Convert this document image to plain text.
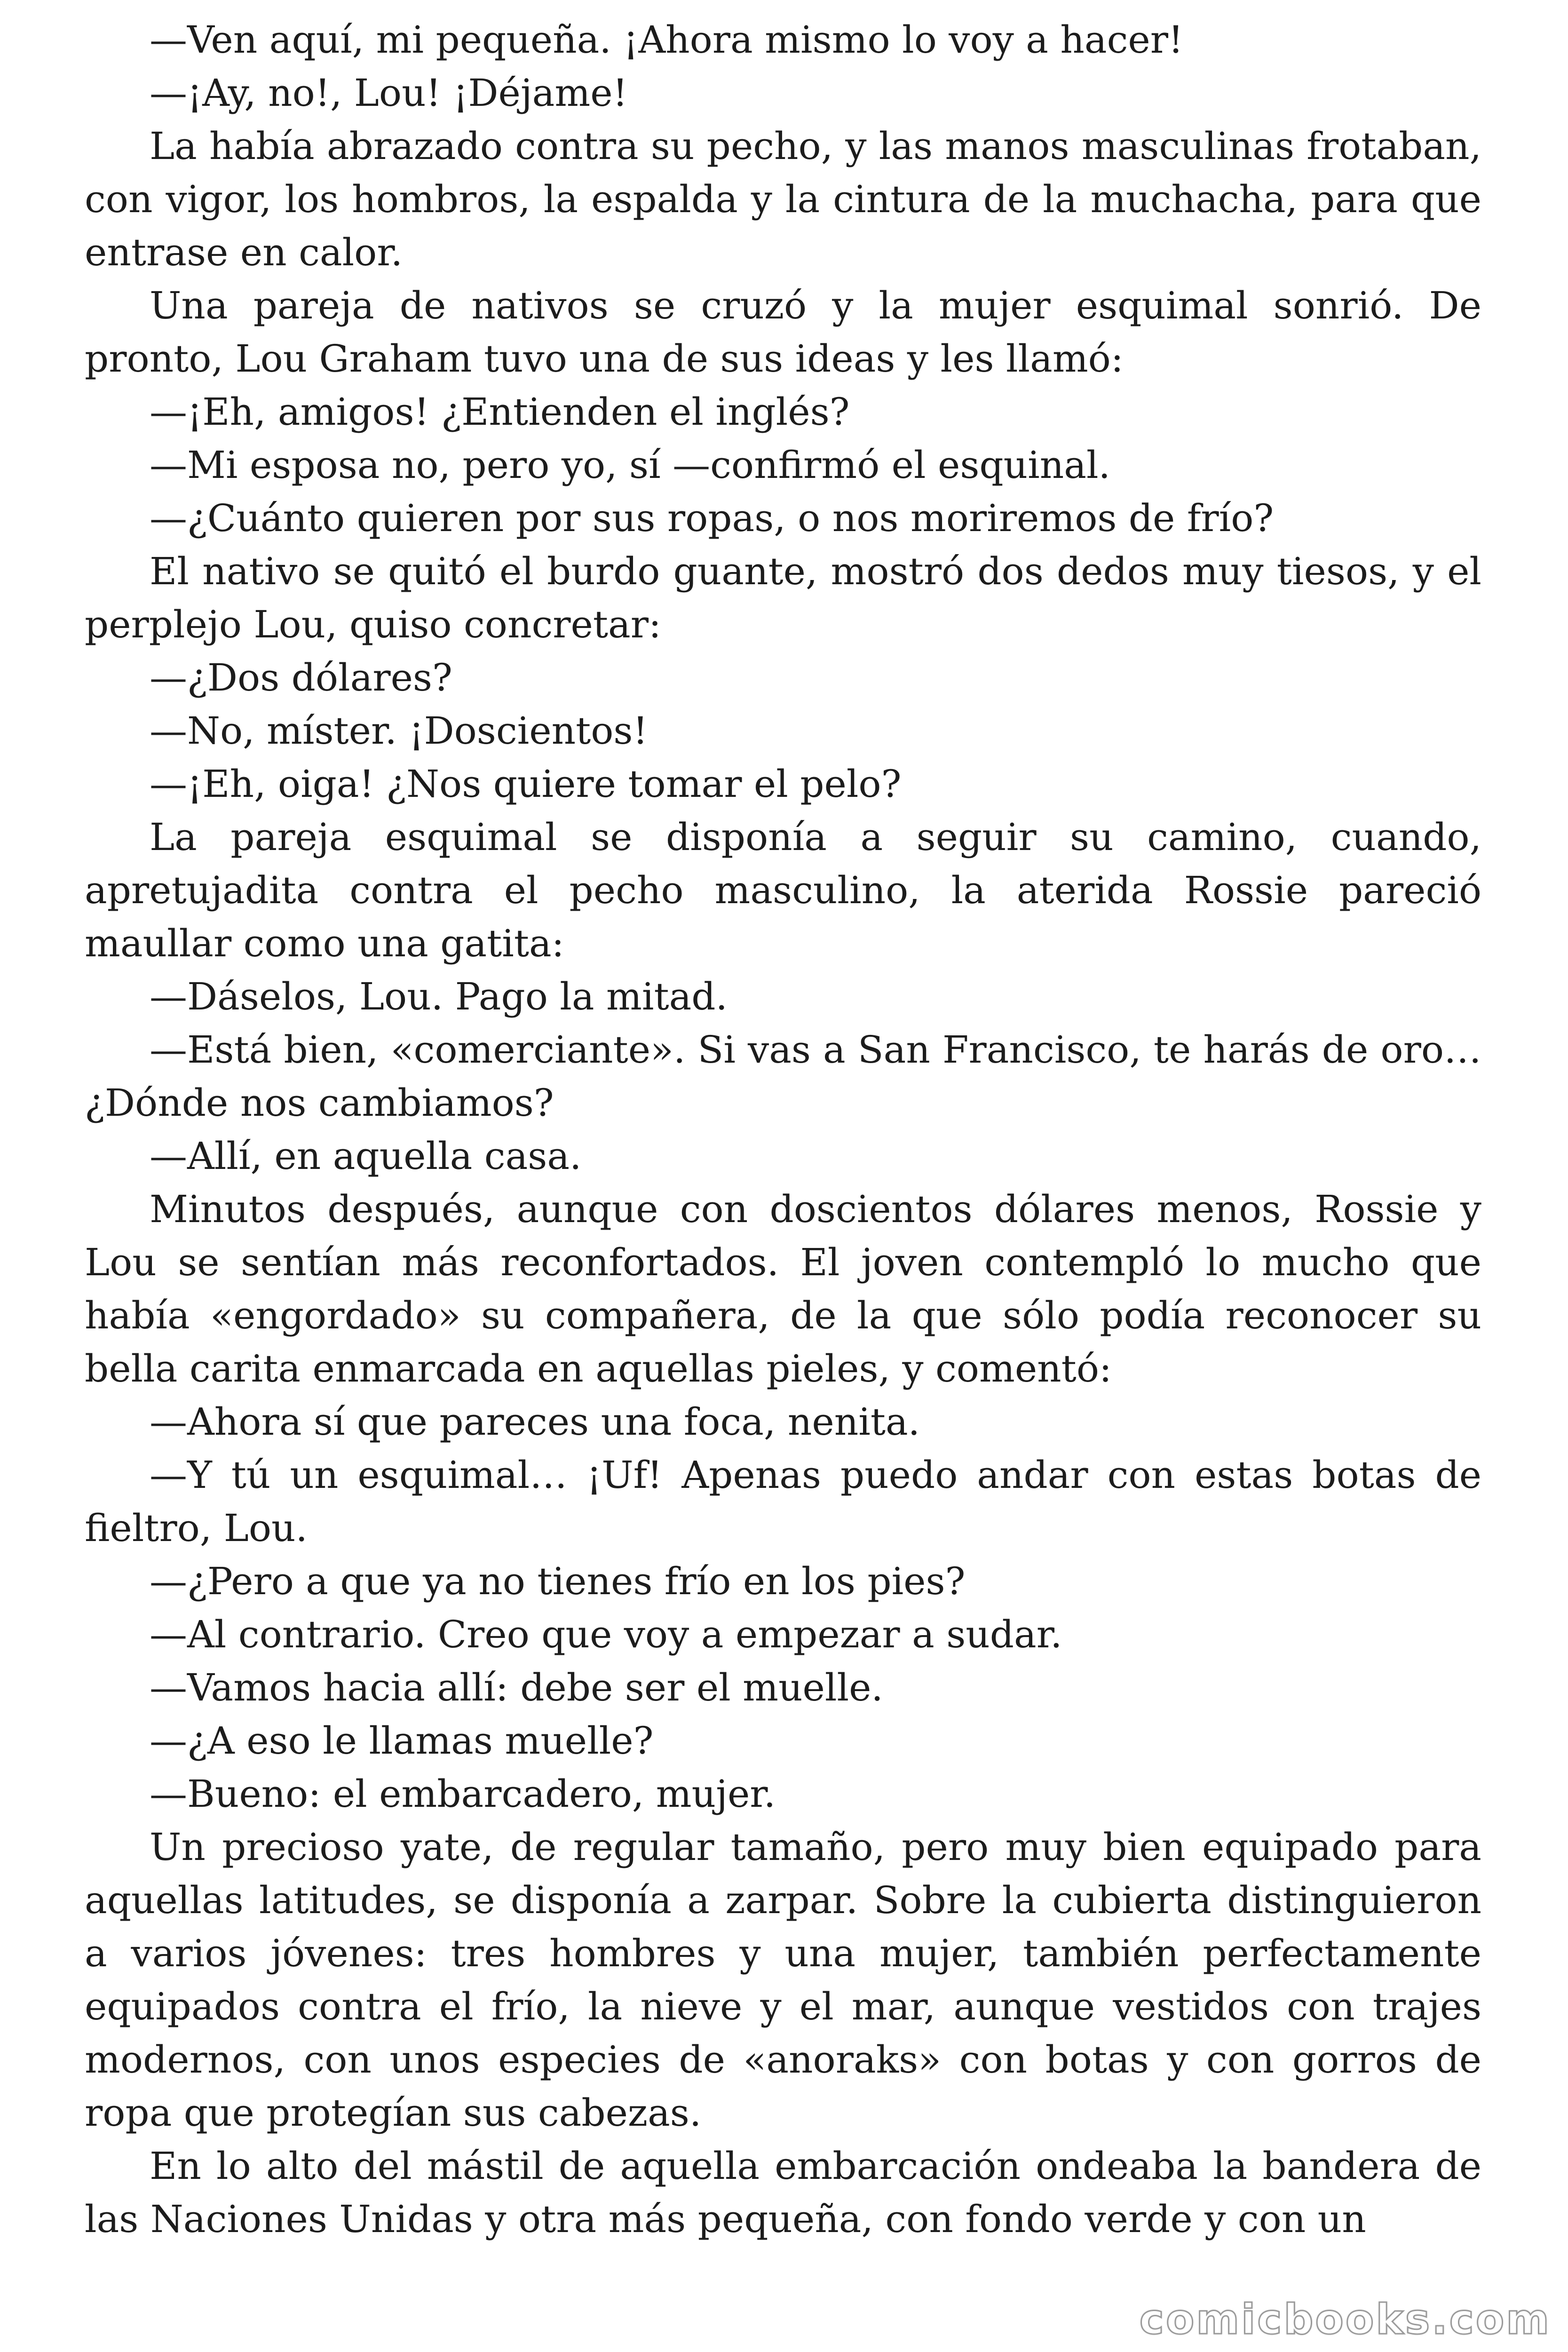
—Ven aquí, mi pequeña. ¡Ahora mismo lo voy a hacer!

—¡Ay, no!, Lou! ¡Déjame!

La había abrazado contra su pecho, y las manos masculinas frotaban, con vigor, los hombros, la espalda y la cintura de la muchacha, para que entrase en calor.

Una pareja de nativos se cruzó y la mujer esquimal sonrió. De pronto, Lou Graham tuvo una de sus ideas y les llamó:

—¡Eh, amigos! ¿Entienden el inglés?

—Mi esposa no, pero yo, sí —confirmó el esquinal.

—¿Cuánto quieren por sus ropas, o nos moriremos de frío?

El nativo se quitó el burdo guante, mostró dos dedos muy tiesos, y el perplejo Lou, quiso concretar:

—¿Dos dólares?

—No, míster. ¡Doscientos!

—¡Eh, oiga! ¿Nos quiere tomar el pelo?

La pareja esquimal se disponía a seguir su camino, cuando, apretujadita contra el pecho masculino, la aterida Rossie pareció maullar como una gatita:

—Dáselos, Lou. Pago la mitad.

—Está bien, «comerciante». Si vas a San Francisco, te harás de oro… ¿Dónde nos cambiamos?

—Allí, en aquella casa.

Minutos después, aunque con doscientos dólares menos, Rossie y Lou se sentían más reconfortados. El joven contempló lo mucho que había «engordado» su compañera, de la que sólo podía reconocer su bella carita enmarcada en aquellas pieles, y comentó:

—Ahora sí que pareces una foca, nenita.

—Y tú un esquimal… ¡Uf! Apenas puedo andar con estas botas de fieltro, Lou.

—¿Pero a que ya no tienes frío en los pies?

—Al contrario. Creo que voy a empezar a sudar.

—Vamos hacia allí: debe ser el muelle.

—¿A eso le llamas muelle?

—Bueno: el embarcadero, mujer.

Un precioso yate, de regular tamaño, pero muy bien equipado para aquellas latitudes, se disponía a zarpar. Sobre la cubierta distinguieron a varios jóvenes: tres hombres y una mujer, también perfectamente equipados contra el frío, la nieve y el mar, aunque vestidos con trajes modernos, con unos especies de «anoraks» con botas y con gorros de ropa que protegían sus cabezas.

En lo alto del mástil de aquella embarcación ondeaba la bandera de las Naciones Unidas y otra más pequeña, con fondo verde y con un

comicbooks.com
